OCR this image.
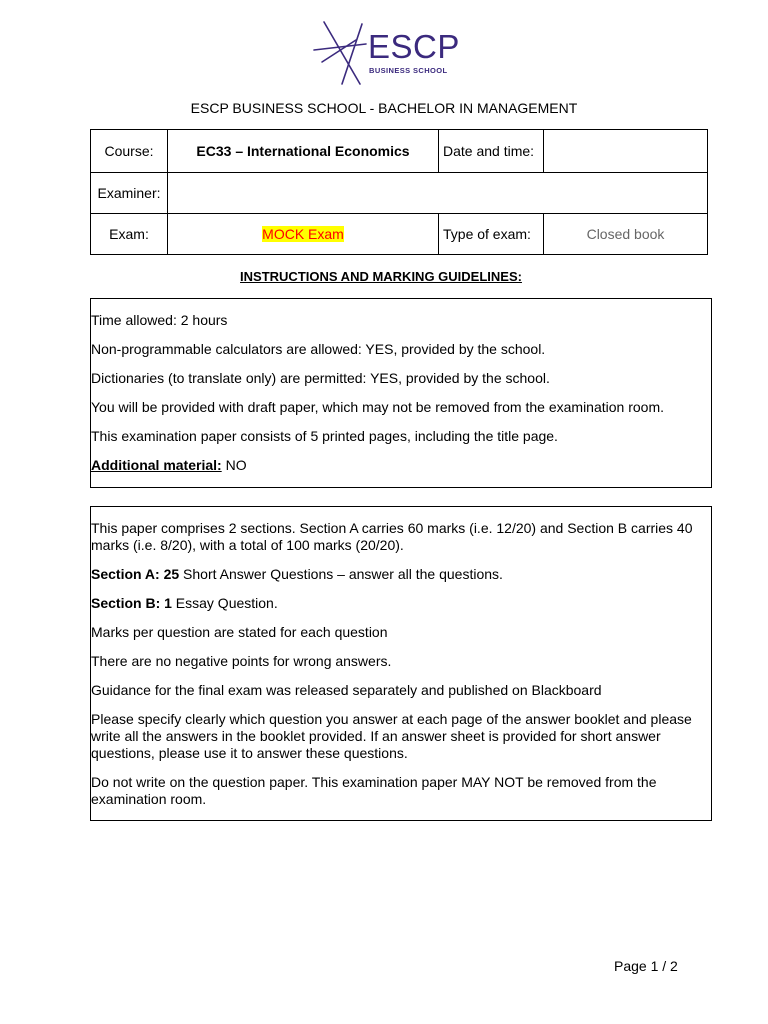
ESCP
BUSINESS SCHOOL
ESCP BUSINESS SCHOOL - BACHELOR IN MANAGEMENT
Course:	EC33 – International Economics	Date and time:	
Examiner:			
Exam:	MOCK Exam	Type of exam:	Closed book
INSTRUCTIONS AND MARKING GUIDELINES:

Time allowed: 2 hours

Non-programmable calculators are allowed: YES, provided by the school.

Dictionaries (to translate only) are permitted: YES, provided by the school.

You will be provided with draft paper, which may not be removed from the examination room.

This examination paper consists of 5 printed pages, including the title page.

Additional material: NO

This paper comprises 2 sections. Section A carries 60 marks (i.e. 12/20) and Section B carries 40 marks (i.e. 8/20), with a total of 100 marks (20/20).

Section A: 25 Short Answer Questions – answer all the questions.

Section B: 1 Essay Question.

Marks per question are stated for each question

There are no negative points for wrong answers.

Guidance for the final exam was released separately and published on Blackboard

Please specify clearly which question you answer at each page of the answer booklet and please write all the answers in the booklet provided. If an answer sheet is provided for short answer questions, please use it to answer these questions.

Do not write on the question paper. This examination paper MAY NOT be removed from the examination room.

Page 1 / 2
